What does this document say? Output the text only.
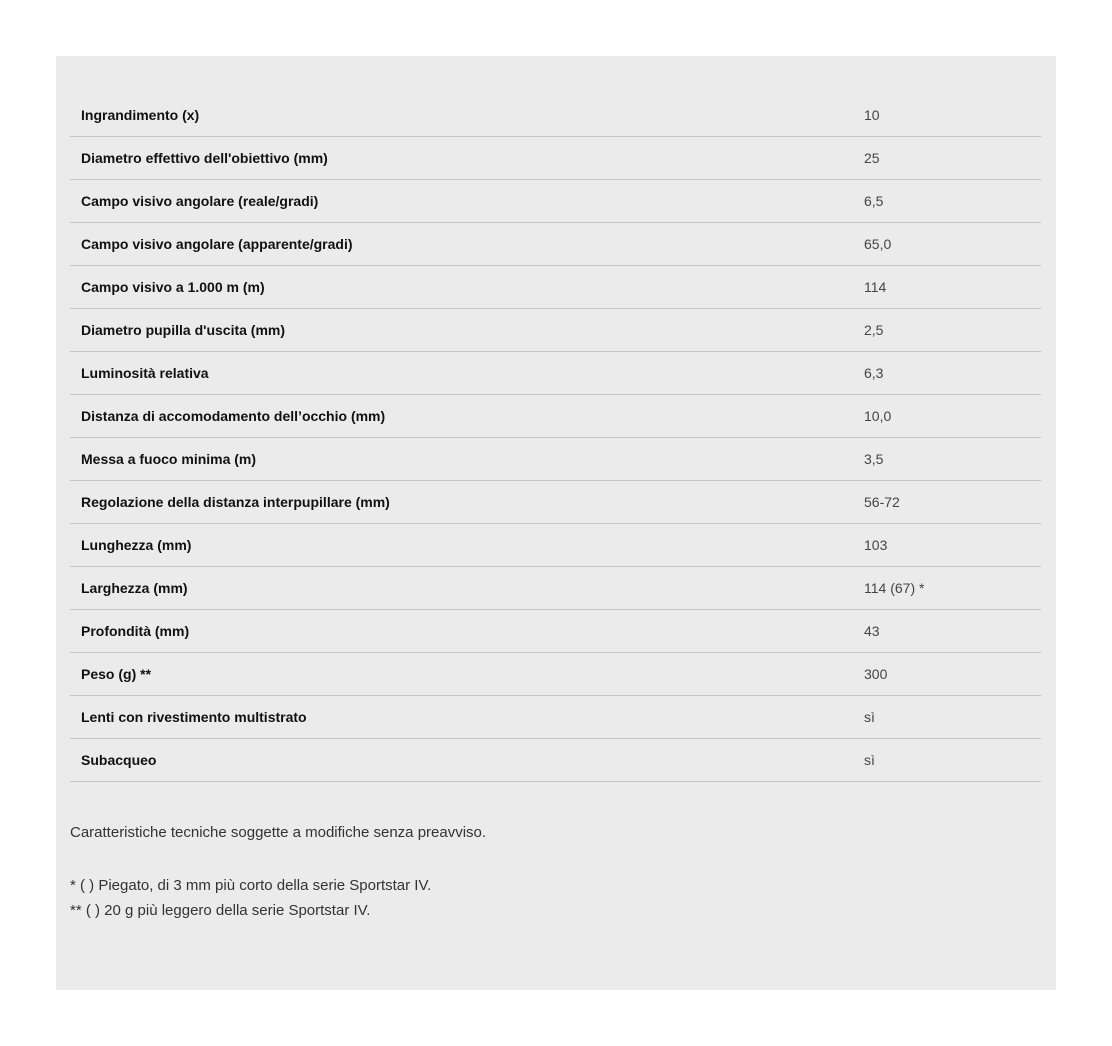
Ingrandimento (x)	10
Diametro effettivo dell'obiettivo (mm)	25
Campo visivo angolare (reale/gradi)	6,5
Campo visivo angolare (apparente/gradi)	65,0
Campo visivo a 1.000 m (m)	114
Diametro pupilla d'uscita (mm)	2,5
Luminosità relativa	6,3
Distanza di accomodamento dell’occhio (mm)	10,0
Messa a fuoco minima (m)	3,5
Regolazione della distanza interpupillare (mm)	56-72
Lunghezza (mm)	103
Larghezza (mm)	114 (67) *
Profondità (mm)	43
Peso (g) **	300
Lenti con rivestimento multistrato	sì
Subacqueo	sì

Caratteristiche tecniche soggette a modifiche senza preavviso.

* ( ) Piegato, di 3 mm più corto della serie Sportstar IV.

** ( ) 20 g più leggero della serie Sportstar IV.
